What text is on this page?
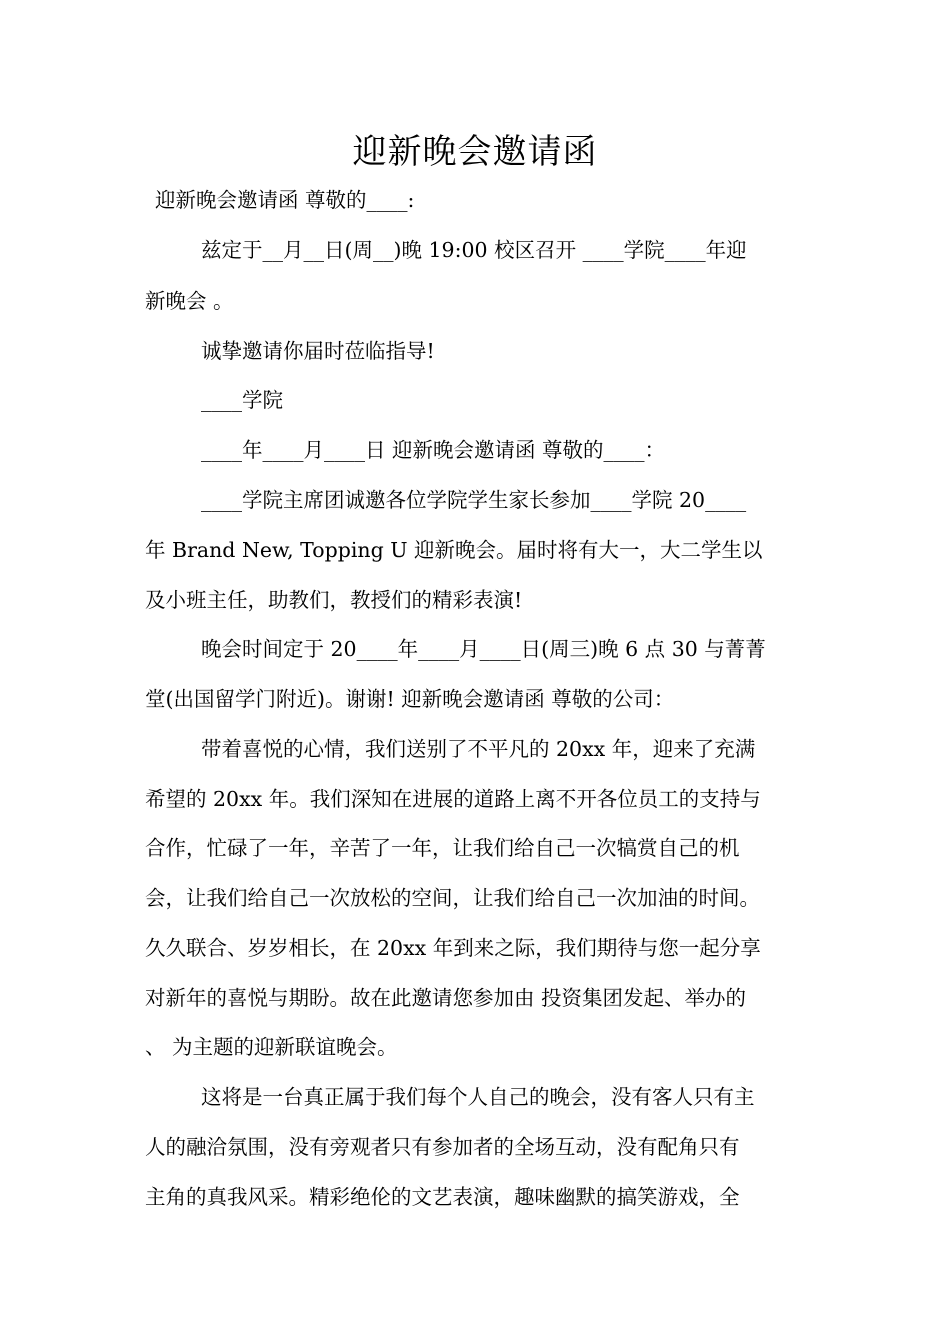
迎新晚会邀请函
迎新晚会邀请函 尊敬的____:
兹定于__月__日(周__)晚 19:00 校区召开 ____学院____年迎
新晚会 。
诚挚邀请你届时莅临指导!
____学院
____年____月____日 迎新晚会邀请函 尊敬的____：
____学院主席团诚邀各位学院学生家长参加____学院 20____
年 Brand New, Topping U 迎新晚会。届时将有大一，大二学生以
及小班主任，助教们，教授们的精彩表演!
晚会时间定于 20____年____月____日(周三)晚 6 点 30 与菁菁
堂(出国留学门附近)。谢谢! 迎新晚会邀请函 尊敬的公司：
带着喜悦的心情，我们送别了不平凡的 20xx 年，迎来了充满
希望的 20xx 年。我们深知在进展的道路上离不开各位员工的支持与
合作，忙碌了一年，辛苦了一年，让我们给自己一次犒赏自己的机
会，让我们给自己一次放松的空间，让我们给自己一次加油的时间。
久久联合、岁岁相长，在 20xx 年到来之际，我们期待与您一起分享
对新年的喜悦与期盼。故在此邀请您参加由 投资集团发起、举办的
、 为主题的迎新联谊晚会。
这将是一台真正属于我们每个人自己的晚会，没有客人只有主
人的融洽氛围，没有旁观者只有参加者的全场互动，没有配角只有
主角的真我风采。精彩绝伦的文艺表演，趣味幽默的搞笑游戏，全
